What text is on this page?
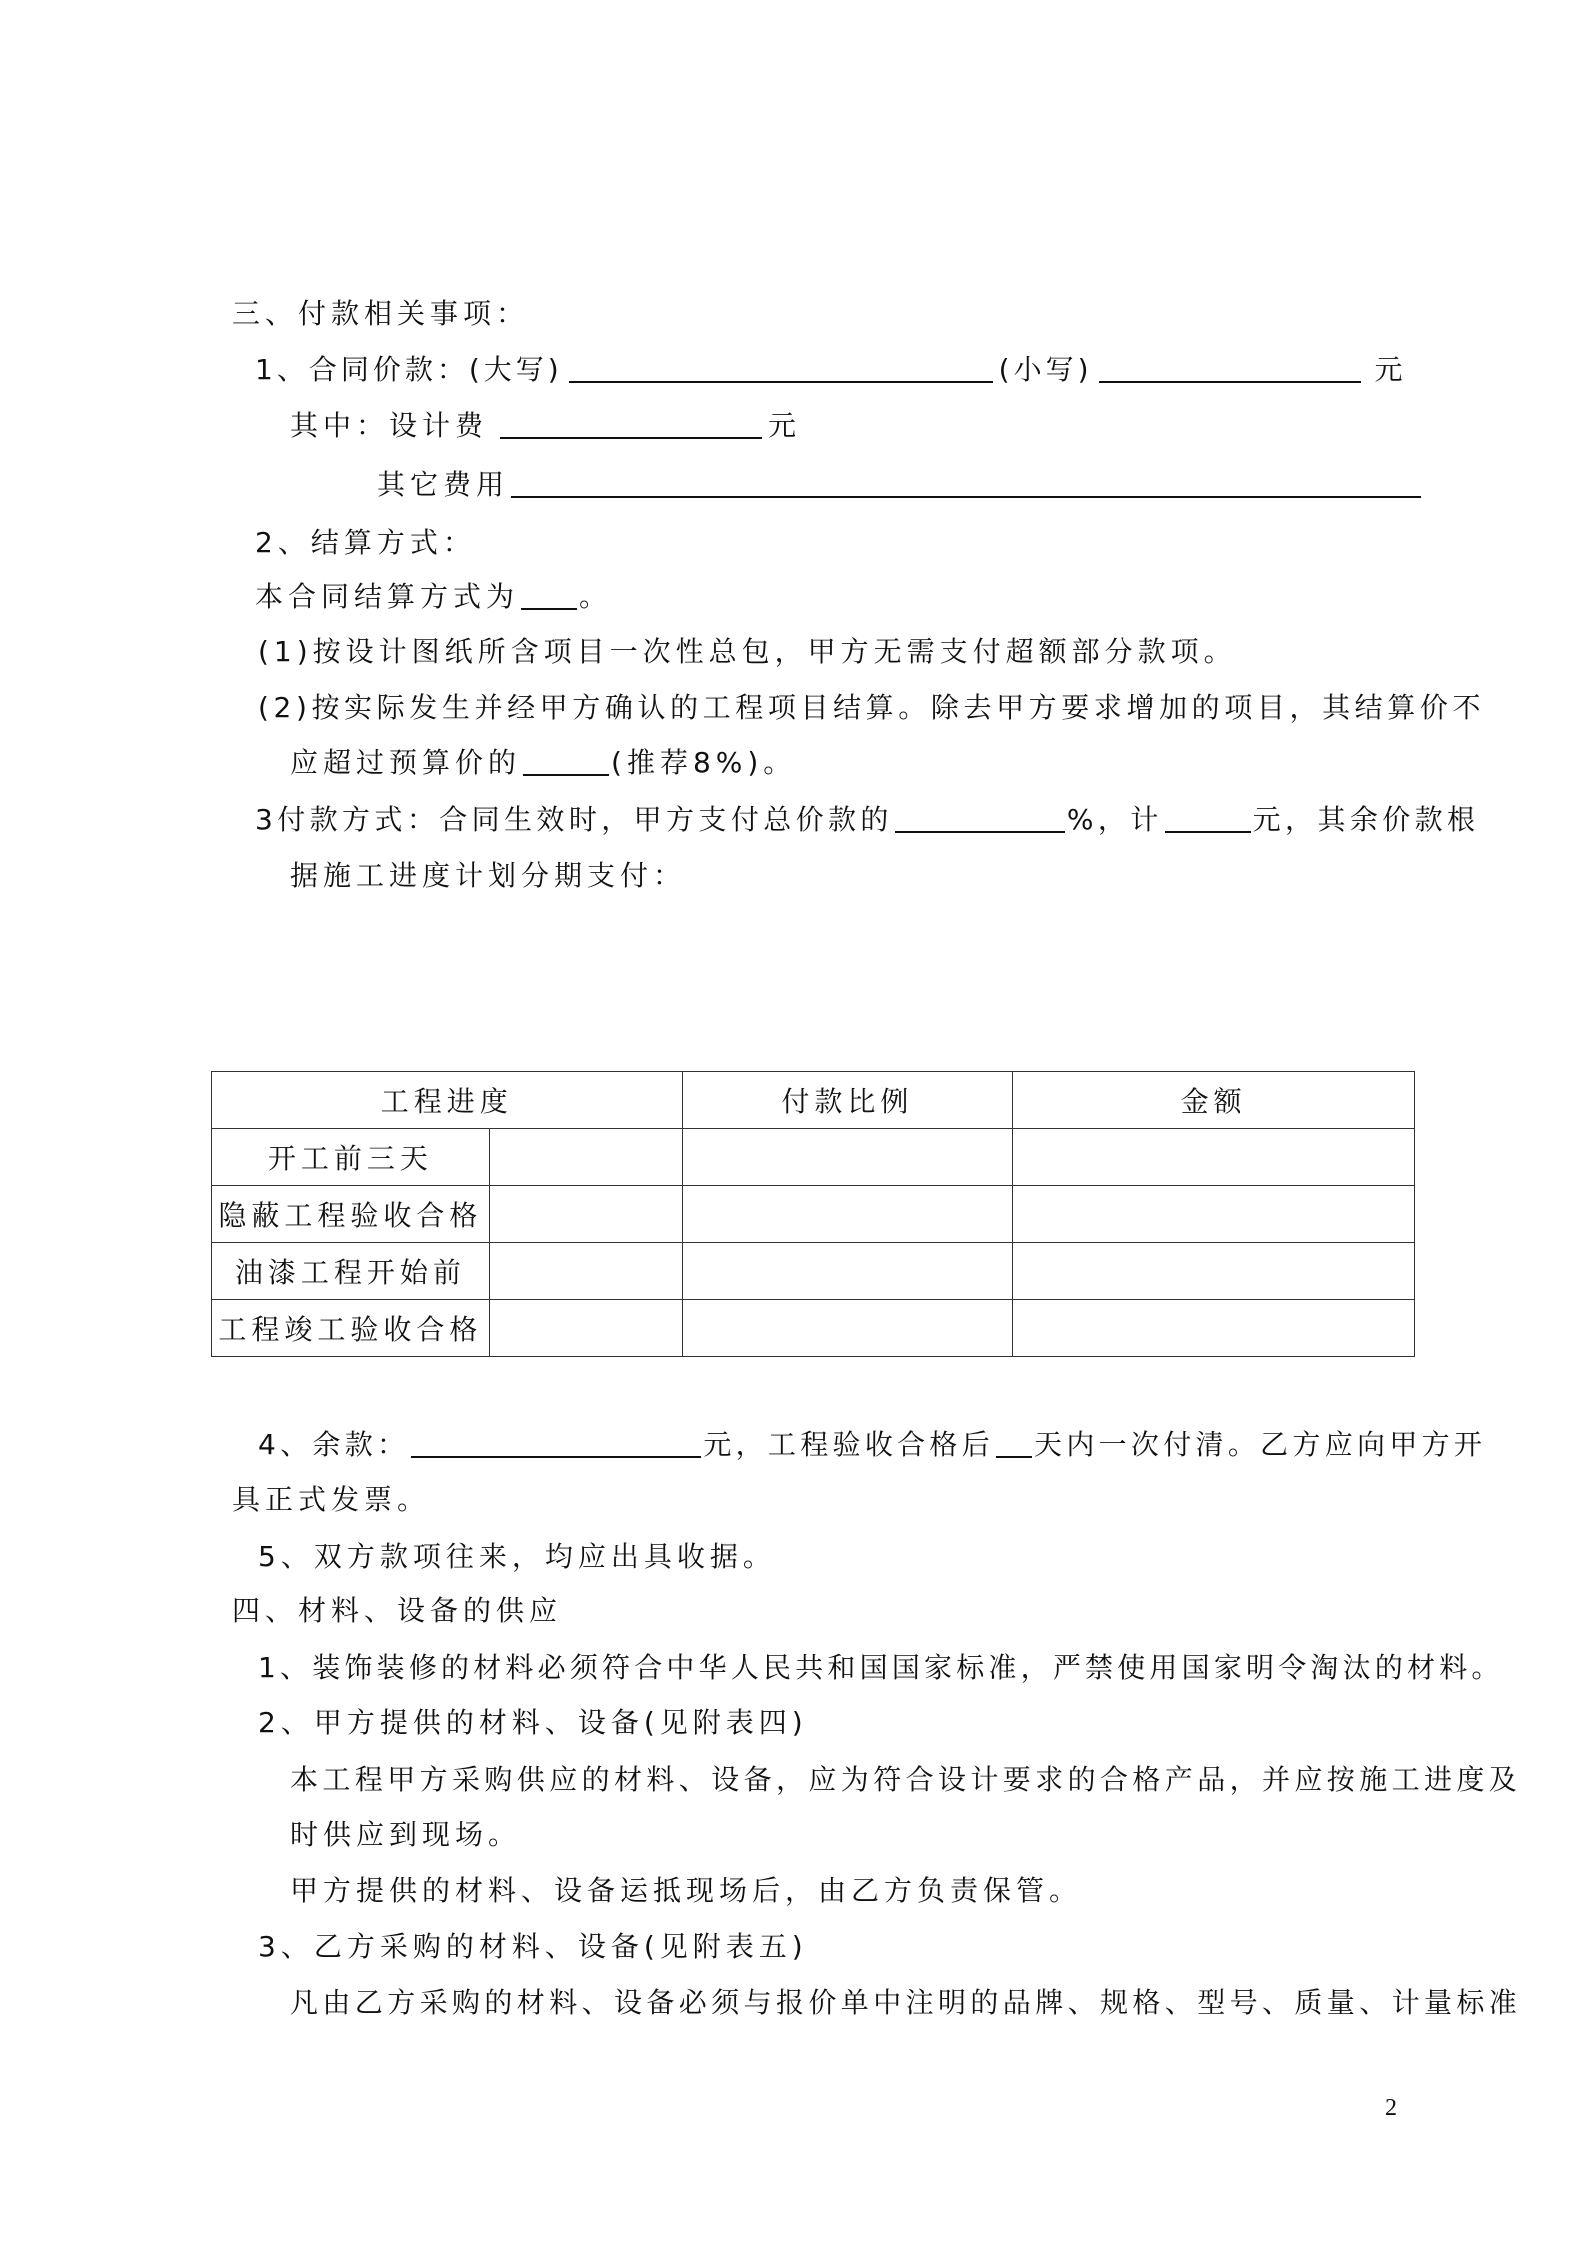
三、付款相关事项：
1、合同价款：(大写)	(小写)	元
其中：设计费	元
其它费用
2、结算方式：
本合同结算方式为 。
(1)按设计图纸所含项目一次性总包，甲方无需支付超额部分款项。
(2)按实际发生并经甲方确认的工程项目结算。除去甲方要求增加的项目，其结算价不
应超过预算价的	(推荐8%)。
3付款方式：合同生效时，甲方支付总价款的	%，计	元，其余价款根
据施工进度计划分期支付：
工程进度		付款比例	金额
开工前三天			
隐蔽工程验收合格			
油漆工程开始前			
工程竣工验收合格			
4、余款：	元，工程验收合格后 天内一次付清。乙方应向甲方开
具正式发票。
5、双方款项往来，均应出具收据。
四、材料、设备的供应
1、装饰装修的材料必须符合中华人民共和国国家标准，严禁使用国家明令淘汰的材料。
2、甲方提供的材料、设备(见附表四)
本工程甲方采购供应的材料、设备，应为符合设计要求的合格产品，并应按施工进度及
时供应到现场。
甲方提供的材料、设备运抵现场后，由乙方负责保管。
3、乙方采购的材料、设备(见附表五)
凡由乙方采购的材料、设备必须与报价单中注明的品牌、规格、型号、质量、计量标准
2
